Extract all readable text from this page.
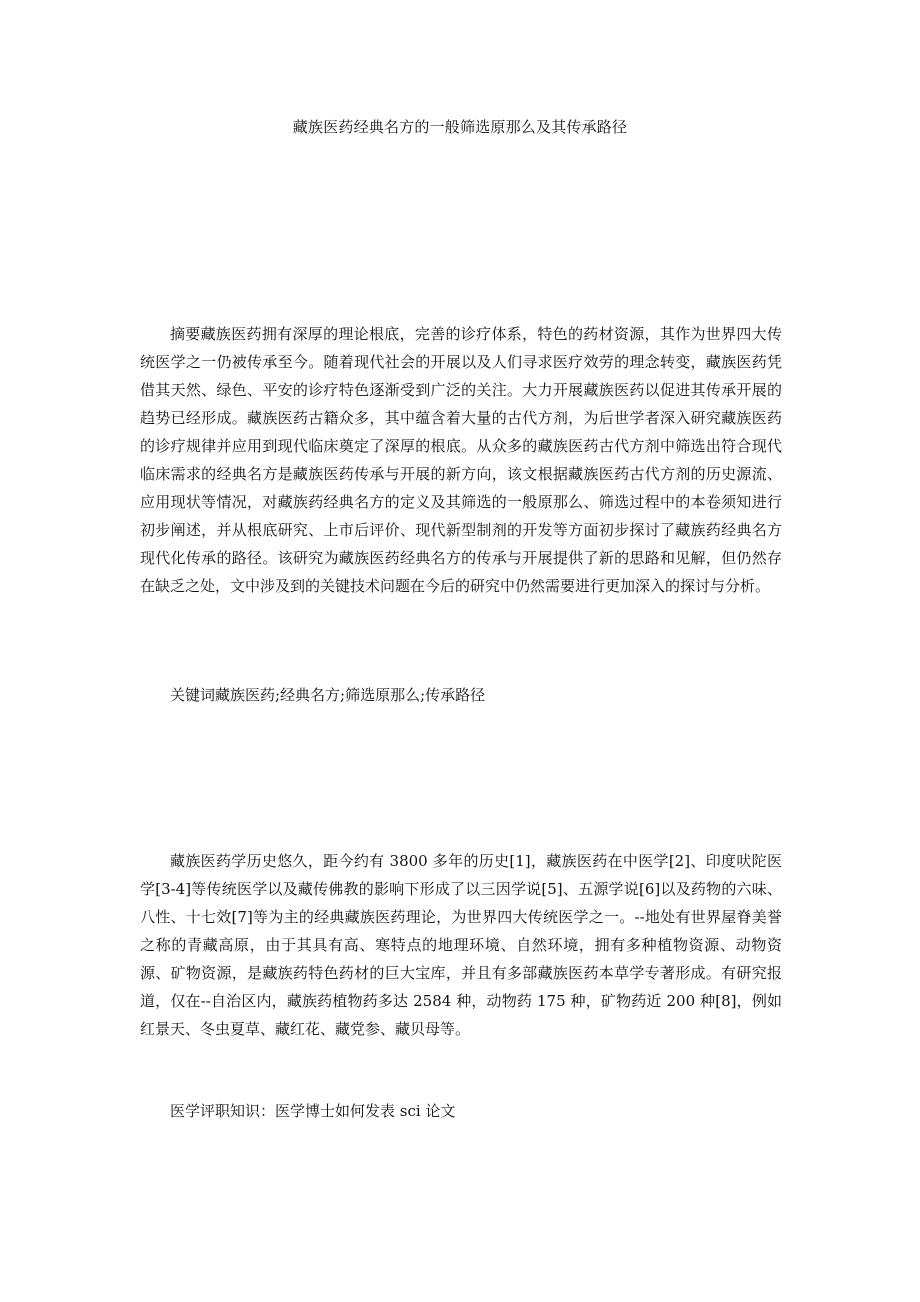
藏族医药经典名方的一般筛选原那么及其传承路径

摘要藏族医药拥有深厚的理论根底，完善的诊疗体系，特色的药材资源，其作为世界四大传统医学之一仍被传承至今。随着现代社会的开展以及人们寻求医疗效劳的理念转变，藏族医药凭借其天然、绿色、平安的诊疗特色逐渐受到广泛的关注。大力开展藏族医药以促进其传承开展的趋势已经形成。藏族医药古籍众多，其中蕴含着大量的古代方剂，为后世学者深入研究藏族医药的诊疗规律并应用到现代临床奠定了深厚的根底。从众多的藏族医药古代方剂中筛选出符合现代临床需求的经典名方是藏族医药传承与开展的新方向，该文根据藏族医药古代方剂的历史源流、应用现状等情况，对藏族药经典名方的定义及其筛选的一般原那么、筛选过程中的本卷须知进行初步阐述，并从根底研究、上市后评价、现代新型制剂的开发等方面初步探讨了藏族药经典名方现代化传承的路径。该研究为藏族医药经典名方的传承与开展提供了新的思路和见解，但仍然存在缺乏之处，文中涉及到的关键技术问题在今后的研究中仍然需要进行更加深入的探讨与分析。

关键词藏族医药;经典名方;筛选原那么;传承路径

藏族医药学历史悠久，距今约有 3800 多年的历史[1]，藏族医药在中医学[2]、印度吠陀医学[3-4]等传统医学以及藏传佛教的影响下形成了以三因学说[5]、五源学说[6]以及药物的六味、八性、十七效[7]等为主的经典藏族医药理论，为世界四大传统医学之一。--地处有世界屋脊美誉之称的青藏高原，由于其具有高、寒特点的地理环境、自然环境，拥有多种植物资源、动物资源、矿物资源，是藏族药特色药材的巨大宝库，并且有多部藏族医药本草学专著形成。有研究报道，仅在--自治区内，藏族药植物药多达 2584 种，动物药 175 种，矿物药近 200 种[8]，例如红景天、冬虫夏草、藏红花、藏党参、藏贝母等。

医学评职知识：医学博士如何发表 sci 论文
